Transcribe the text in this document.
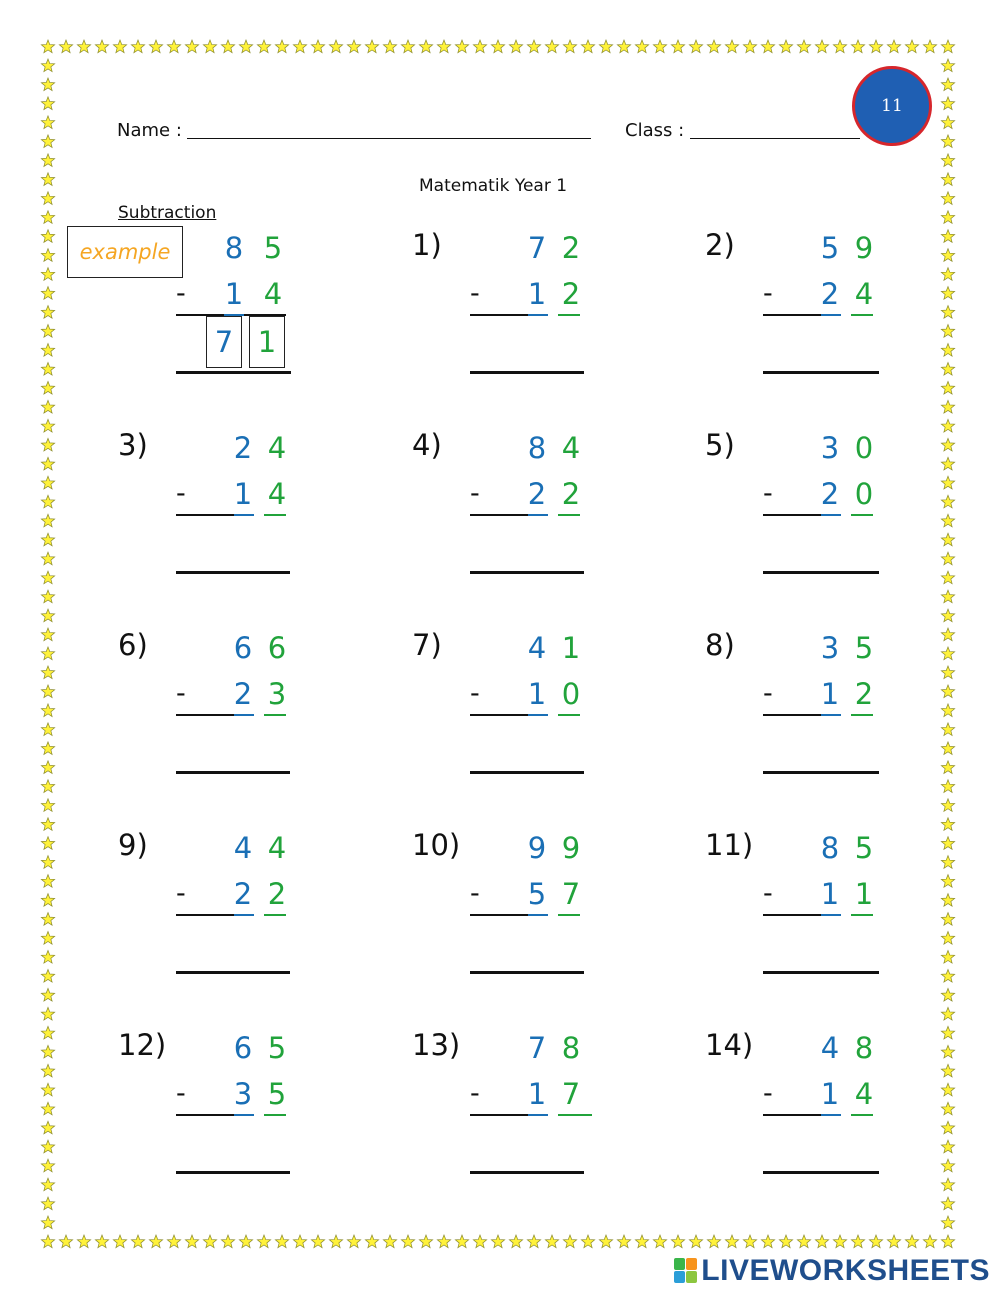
Name :	Class :
11
Matematik Year 1
Subtraction
example 8 5
- 1 4
7 1
1)	7 2
- 1 2
2)	5 9
- 2 4
3)	2 4
- 1 4
4)	8 4
- 2 2
5)	3 0
- 2 0
6)	6 6
- 2 3
7)	4 1
- 1 0
8)	3 5
- 1 2
9)	4 4
- 2 2
10) 9 9
- 5 7
11) 8 5
- 1 1
12) 6 5
- 3 5
13) 7 8
- 1 7
14) 4 8
- 1 4
LIVEWORKSHEETS
